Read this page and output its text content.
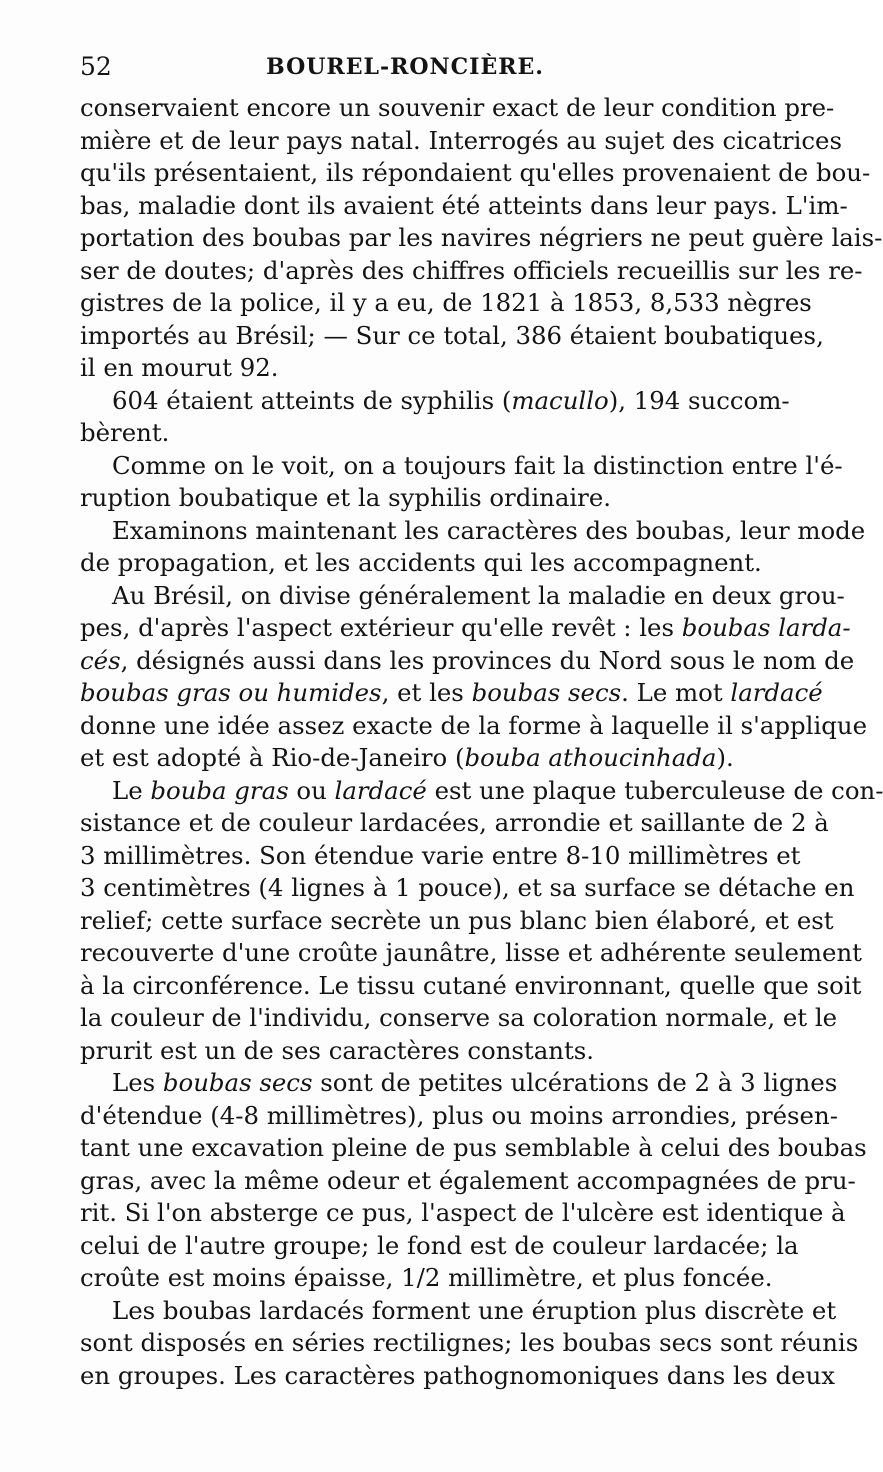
52	BOUREL-RONCIÈRE.
conservaient encore un souvenir exact de leur condition pre-
mière et de leur pays natal. Interrogés au sujet des cicatrices
qu'ils présentaient, ils répondaient qu'elles provenaient de bou-
bas, maladie dont ils avaient été atteints dans leur pays. L'im-
portation des boubas par les navires négriers ne peut guère lais-
ser de doutes; d'après des chiffres officiels recueillis sur les re-
gistres de la police, il y a eu, de 1821 à 1853, 8,533 nègres
importés au Brésil; — Sur ce total, 386 étaient boubatiques,
il en mourut 92.
604 étaient atteints de syphilis (macullo), 194 succom-
bèrent.
Comme on le voit, on a toujours fait la distinction entre l'é-
ruption boubatique et la syphilis ordinaire.
Examinons maintenant les caractères des boubas, leur mode
de propagation, et les accidents qui les accompagnent.
Au Brésil, on divise généralement la maladie en deux grou-
pes, d'après l'aspect extérieur qu'elle revêt : les boubas larda-
cés, désignés aussi dans les provinces du Nord sous le nom de
boubas gras ou humides, et les boubas secs. Le mot lardacé
donne une idée assez exacte de la forme à laquelle il s'applique
et est adopté à Rio-de-Janeiro (bouba athoucinhada).
Le bouba gras ou lardacé est une plaque tuberculeuse de con-
sistance et de couleur lardacées, arrondie et saillante de 2 à
3 millimètres. Son étendue varie entre 8-10 millimètres et
3 centimètres (4 lignes à 1 pouce), et sa surface se détache en
relief; cette surface secrète un pus blanc bien élaboré, et est
recouverte d'une croûte jaunâtre, lisse et adhérente seulement
à la circonférence. Le tissu cutané environnant, quelle que soit
la couleur de l'individu, conserve sa coloration normale, et le
prurit est un de ses caractères constants.
Les boubas secs sont de petites ulcérations de 2 à 3 lignes
d'étendue (4-8 millimètres), plus ou moins arrondies, présen-
tant une excavation pleine de pus semblable à celui des boubas
gras, avec la même odeur et également accompagnées de pru-
rit. Si l'on absterge ce pus, l'aspect de l'ulcère est identique à
celui de l'autre groupe; le fond est de couleur lardacée; la
croûte est moins épaisse, 1/2 millimètre, et plus foncée.
Les boubas lardacés forment une éruption plus discrète et
sont disposés en séries rectilignes; les boubas secs sont réunis
en groupes. Les caractères pathognomoniques dans les deux
